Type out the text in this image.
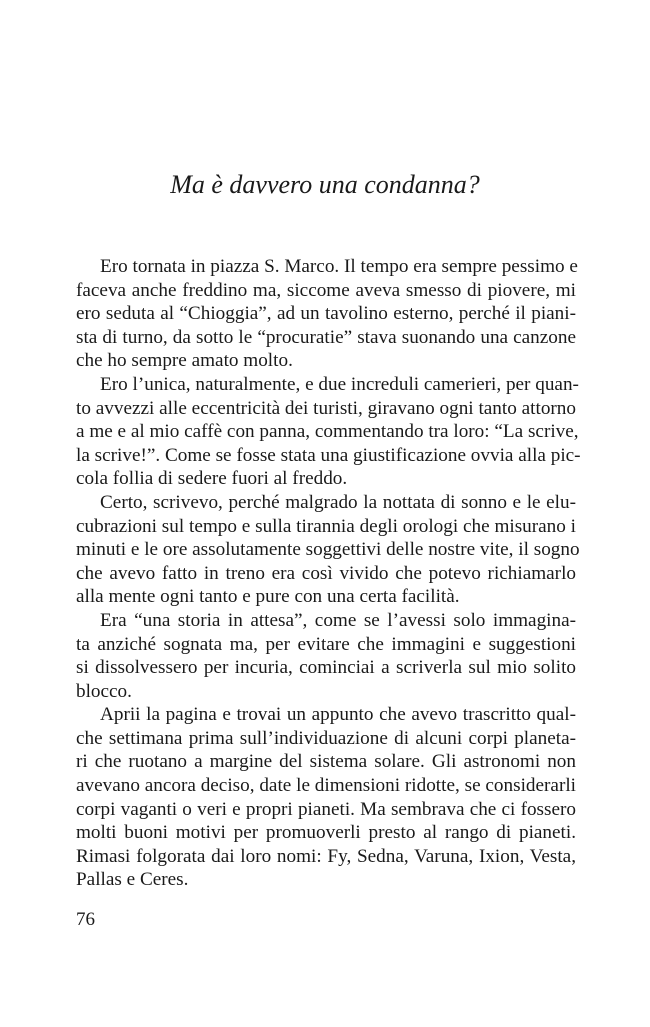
Ma è davvero una condanna?
Ero tornata in piazza S. Marco. Il tempo era sempre pessimo e
faceva anche freddino ma, siccome aveva smesso di piovere, mi
ero seduta al “Chioggia”, ad un tavolino esterno, perché il piani-
sta di turno, da sotto le “procuratie” stava suonando una canzone
che ho sempre amato molto.
Ero l’unica, naturalmente, e due increduli camerieri, per quan-
to avvezzi alle eccentricità dei turisti, giravano ogni tanto attorno
a me e al mio caffè con panna, commentando tra loro: “La scrive,
la scrive!”. Come se fosse stata una giustificazione ovvia alla pic-
cola follia di sedere fuori al freddo.
Certo, scrivevo, perché malgrado la nottata di sonno e le elu-
cubrazioni sul tempo e sulla tirannia degli orologi che misurano i
minuti e le ore assolutamente soggettivi delle nostre vite, il sogno
che avevo fatto in treno era così vivido che potevo richiamarlo
alla mente ogni tanto e pure con una certa facilità.
Era “una storia in attesa”, come se l’avessi solo immagina-
ta anziché sognata ma, per evitare che immagini e suggestioni
si dissolvessero per incuria, cominciai a scriverla sul mio solito
blocco.
Aprii la pagina e trovai un appunto che avevo trascritto qual-
che settimana prima sull’individuazione di alcuni corpi planeta-
ri che ruotano a margine del sistema solare. Gli astronomi non
avevano ancora deciso, date le dimensioni ridotte, se considerarli
corpi vaganti o veri e propri pianeti. Ma sembrava che ci fossero
molti buoni motivi per promuoverli presto al rango di pianeti.
Rimasi folgorata dai loro nomi: Fy, Sedna, Varuna, Ixion, Vesta,
Pallas e Ceres.
76
